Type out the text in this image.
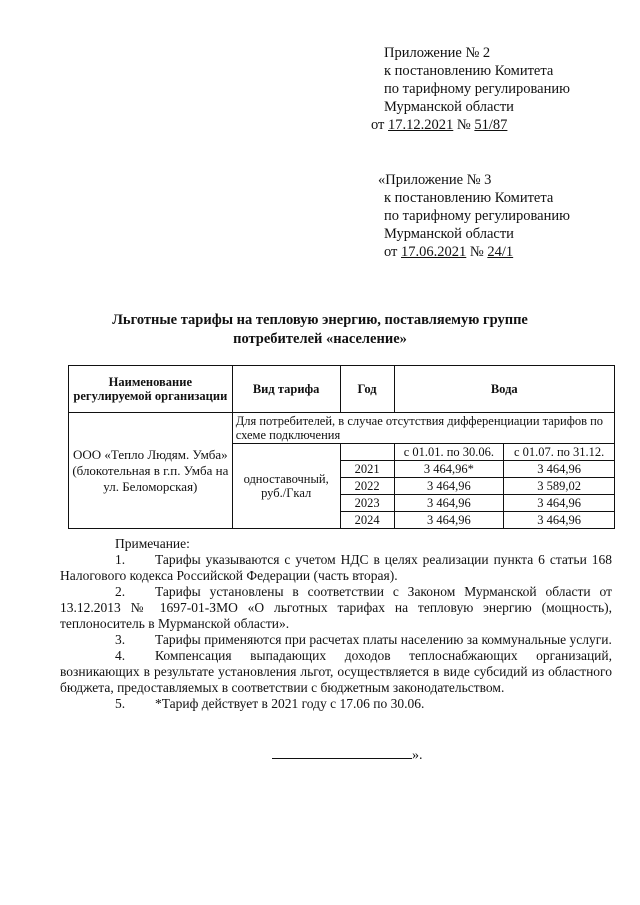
Приложение № 2
к постановлению Комитета
по тарифному регулированию
Мурманской области
от 17.12.2021 № 51/87
«Приложение № 3
к постановлению Комитета
по тарифному регулированию
Мурманской области
от 17.06.2021 № 24/1
Льготные тарифы на тепловую энергию, поставляемую группе
потребителей «население»
Наименование регулируемой организации	Вид тарифа	Год	Вода	

ООО «Тепло Людям. Умба»
(блокотельная в г.п. Умба на ул. Беломорская)	Для потребителей, в случае отсутствия дифференциации тарифов по схеме подключения			
	одноставочный, руб./Гкал		с 01.01. по 30.06.	с 01.07. по 31.12.
		2021	3 464,96*	3 464,96
		2022	3 464,96	3 589,02
		2023	3 464,96	3 464,96
		2024	3 464,96	3 464,96

Примечание:

1. Тарифы указываются с учетом НДС в целях реализации пункта 6 статьи 168 Налогового кодекса Российской Федерации (часть вторая).

2. Тарифы установлены в соответствии с Законом Мурманской области от 13.12.2013 № 1697-01-ЗМО «О льготных тарифах на тепловую энергию (мощность), теплоноситель в Мурманской области».

3. Тарифы применяются при расчетах платы населению за коммунальные услуги.

4. Компенсация выпадающих доходов теплоснабжающих организаций, возникающих в результате установления льгот, осуществляется в виде субсидий из областного бюджета, предоставляемых в соответствии с бюджетным законодательством.

5. *Тариф действует в 2021 году с 17.06 по 30.06.

».
